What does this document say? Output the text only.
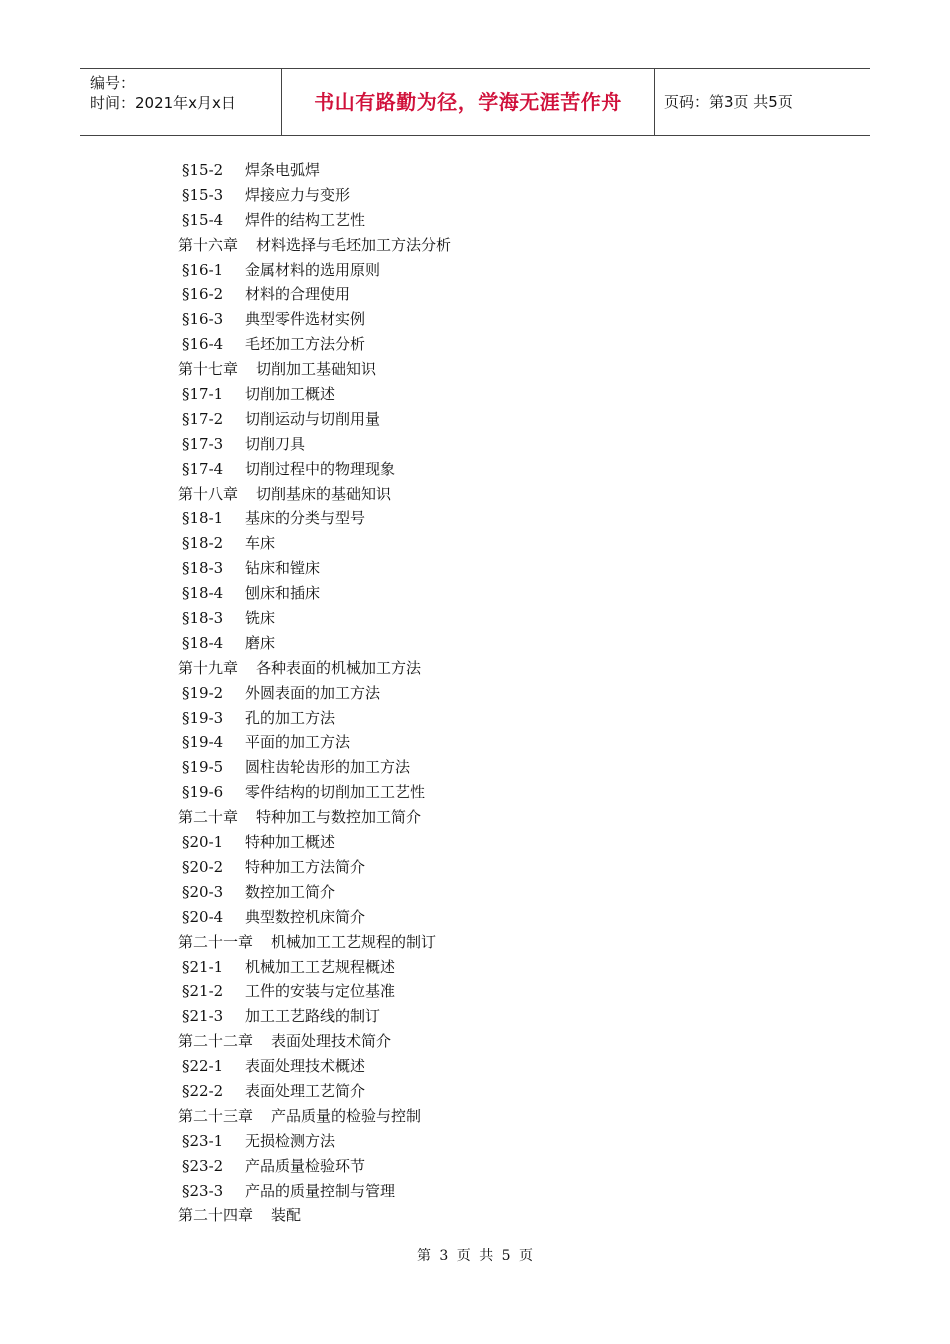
编号：
时间：2021年x月x日	书山有路勤为径，学海无涯苦作舟	页码：第3页 共5页
§15-2 焊条电弧焊
§15-3 焊接应力与变形
§15-4 焊件的结构工艺性
第十六章 材料选择与毛坯加工方法分析
§16-1 金属材料的选用原则
§16-2 材料的合理使用
§16-3 典型零件选材实例
§16-4 毛坯加工方法分析
第十七章 切削加工基础知识
§17-1 切削加工概述
§17-2 切削运动与切削用量
§17-3 切削刀具
§17-4 切削过程中的物理现象
第十八章 切削基床的基础知识
§18-1 基床的分类与型号
§18-2 车床
§18-3 钻床和镗床
§18-4 刨床和插床
§18-3 铣床
§18-4 磨床
第十九章 各种表面的机械加工方法
§19-2 外圆表面的加工方法
§19-3 孔的加工方法
§19-4 平面的加工方法
§19-5 圆柱齿轮齿形的加工方法
§19-6 零件结构的切削加工工艺性
第二十章 特种加工与数控加工简介
§20-1 特种加工概述
§20-2 特种加工方法简介
§20-3 数控加工简介
§20-4 典型数控机床简介
第二十一章 机械加工工艺规程的制订
§21-1 机械加工工艺规程概述
§21-2 工件的安装与定位基准
§21-3 加工工艺路线的制订
第二十二章 表面处理技术简介
§22-1 表面处理技术概述
§22-2 表面处理工艺简介
第二十三章 产品质量的检验与控制
§23-1 无损检测方法
§23-2 产品质量检验环节
§23-3 产品的质量控制与管理
第二十四章 装配
第 3 页 共 5 页
